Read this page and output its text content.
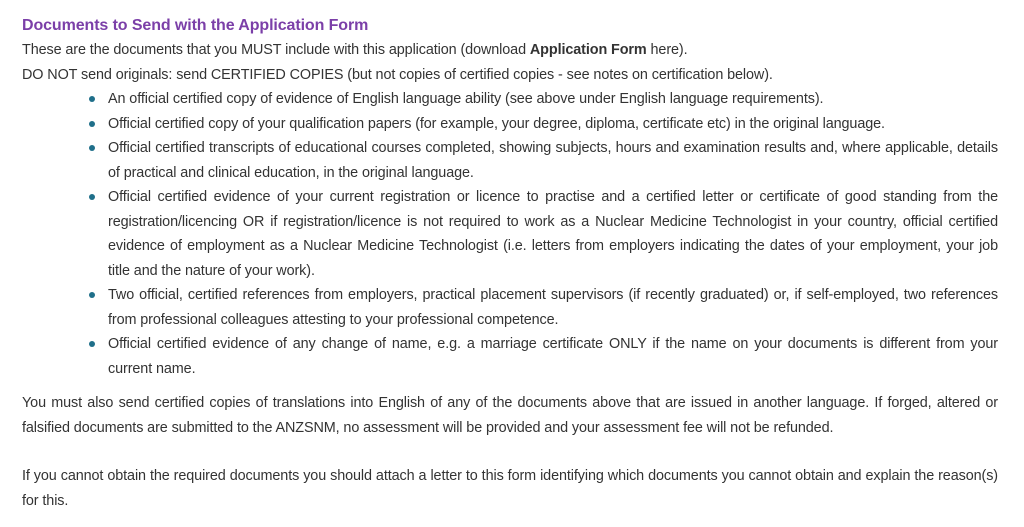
Documents to Send with the Application Form

These are the documents that you MUST include with this application (download Application Form here).

DO NOT send originals: send CERTIFIED COPIES (but not copies of certified copies - see notes on certification below).

An official certified copy of evidence of English language ability (see above under English language requirements).
Official certified copy of your qualification papers (for example, your degree, diploma, certificate etc) in the original language.
Official certified transcripts of educational courses completed, showing subjects, hours and examination results and, where applicable, details of practical and clinical education, in the original language.
Official certified evidence of your current registration or licence to practise and a certified letter or certificate of good standing from the registration/licencing OR if registration/licence is not required to work as a Nuclear Medicine Technologist in your country, official certified evidence of employment as a Nuclear Medicine Technologist (i.e. letters from employers indicating the dates of your employment, your job title and the nature of your work).
Two official, certified references from employers, practical placement supervisors (if recently graduated) or, if self-employed, two references from professional colleagues attesting to your professional competence.
Official certified evidence of any change of name, e.g. a marriage certificate ONLY if the name on your documents is different from your current name.

You must also send certified copies of translations into English of any of the documents above that are issued in another language. If forged, altered or falsified documents are submitted to the ANZSNM, no assessment will be provided and your assessment fee will not be refunded.

If you cannot obtain the required documents you should attach a letter to this form identifying which documents you cannot obtain and explain the reason(s) for this.
